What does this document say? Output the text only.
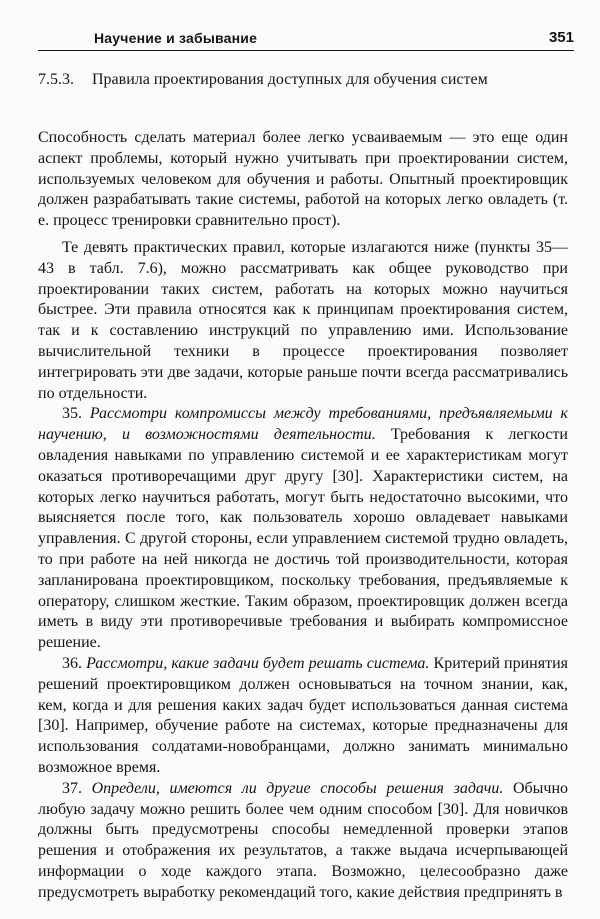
Научение и забывание	351
7.5.3. Правила проектирования доступных для обучения систем

Способность сделать материал более легко усваиваемым — это еще один аспект проблемы, который нужно учитывать при проектировании систем, используемых человеком для обучения и работы. Опытный проектировщик должен разрабатывать такие системы, работой на которых легко овладеть (т. е. процесс тренировки сравнительно прост).

Те девять практических правил, которые излагаются ниже (пункты 35—43 в табл. 7.6), можно рассматривать как общее руководство при проектировании таких систем, работать на которых можно научиться быстрее. Эти правила относятся как к принципам проектирования систем, так и к составлению инструкций по управлению ими. Использование вычислительной техники в процессе проектирования позволяет интегрировать эти две задачи, которые раньше почти всегда рассматривались по отдельности.

35. Рассмотри компромиссы между требованиями, предъявляемыми к научению, и возможностями деятельности. Требования к легкости овладения навыками по управлению системой и ее характеристикам могут оказаться противоречащими друг другу [30]. Характеристики систем, на которых легко научиться работать, могут быть недостаточно высокими, что выясняется после того, как пользователь хорошо овладевает навыками управления. С другой стороны, если управлением системой трудно овладеть, то при работе на ней никогда не достичь той производительности, которая запланирована проектировщиком, поскольку требования, предъявляемые к оператору, слишком жесткие. Таким образом, проектировщик должен всегда иметь в виду эти противоречивые требования и выбирать компромиссное решение.

36. Рассмотри, какие задачи будет решать система. Критерий принятия решений проектировщиком должен основываться на точном знании, как, кем, когда и для решения каких задач будет использоваться данная система [30]. Например, обучение работе на системах, которые предназначены для использования солдатами-новобранцами, должно занимать минимально возможное время.

37. Определи, имеются ли другие способы решения задачи. Обычно любую задачу можно решить более чем одним способом [30]. Для новичков должны быть предусмотрены способы немедленной проверки этапов решения и отображения их результатов, а также выдача исчерпывающей информации о ходе каждого этапа. Возможно, целесообразно даже предусмотреть выработку рекомендаций того, какие действия предпринять в
